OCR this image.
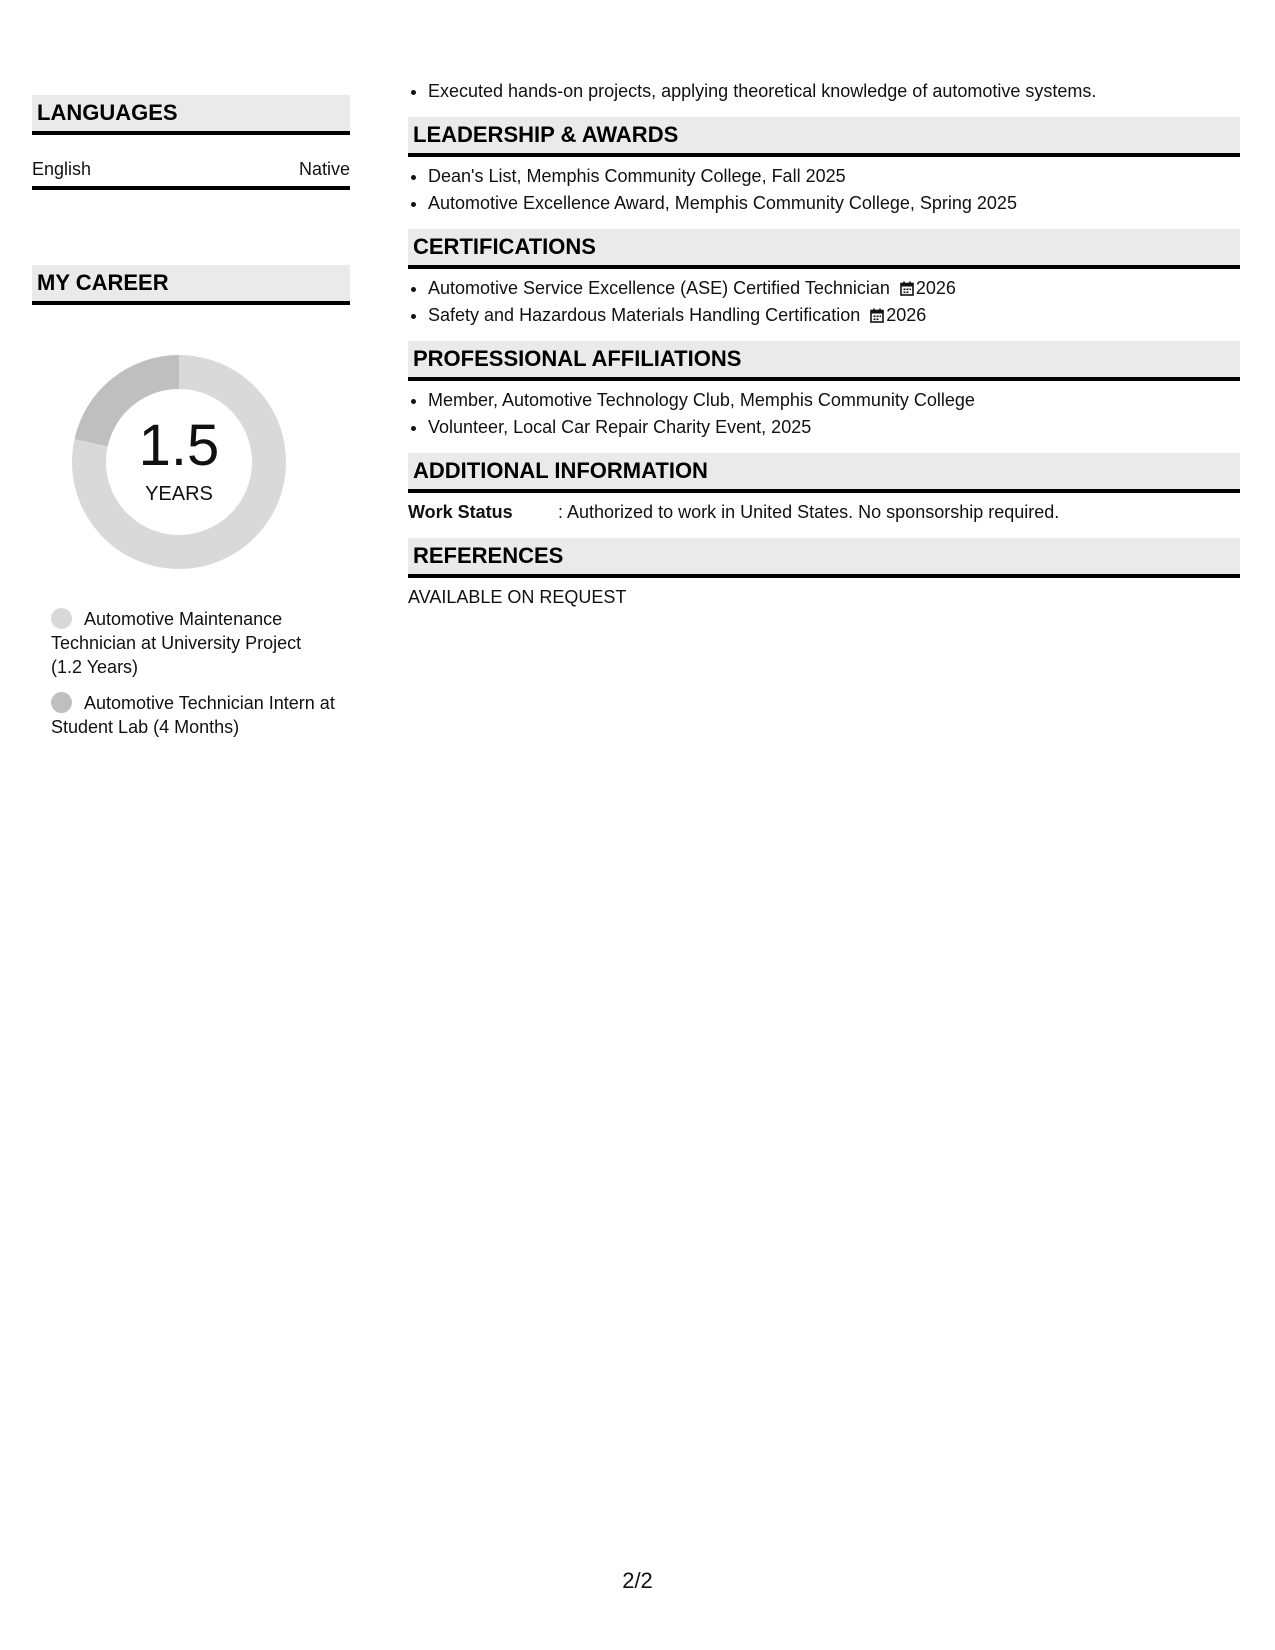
LANGUAGES
English	Native
MY CAREER
1.5
YEARS
Automotive Maintenance Technician at University Project (1.2 Years)
Automotive Technician Intern at Student Lab (4 Months)
• Executed hands-on projects, applying theoretical knowledge of automotive systems.
LEADERSHIP & AWARDS
• Dean's List, Memphis Community College, Fall 2025
• Automotive Excellence Award, Memphis Community College, Spring 2025
CERTIFICATIONS
• Automotive Service Excellence (ASE) Certified Technician 2026
• Safety and Hazardous Materials Handling Certification 2026
PROFESSIONAL AFFILIATIONS
• Member, Automotive Technology Club, Memphis Community College
• Volunteer, Local Car Repair Charity Event, 2025
ADDITIONAL INFORMATION
Work Status	: Authorized to work in United States. No sponsorship required.
REFERENCES
AVAILABLE ON REQUEST
2/2
